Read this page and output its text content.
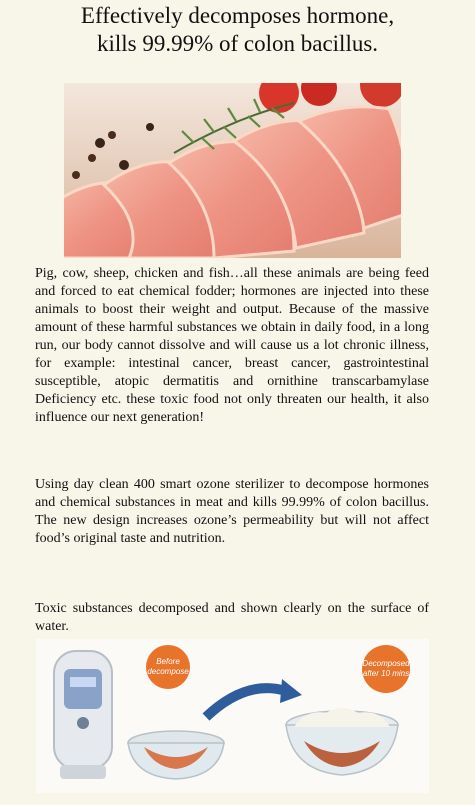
Effectively decomposes hormone,
kills 99.99% of colon bacillus.

Pig, cow, sheep, chicken and fish…all these animals are being feed and forced to eat chemical fodder; hormones are injected into these animals to boost their weight and output. Because of the massive amount of these harmful substances we obtain in daily food, in a long run, our body cannot dissolve and will cause us a lot chronic illness, for example: intestinal cancer, breast cancer, gastrointestinal susceptible, atopic dermatitis and ornithine transcarbamylase Deficiency etc. these toxic food not only threaten our health, it also influence our next generation!

Using day clean 400 smart ozone sterilizer to decompose hormones and chemical substances in meat and kills 99.99% of colon bacillus. The new design increases ozone’s permeability but will not affect food’s original taste and nutrition.

Toxic substances decomposed and shown clearly on the surface of water.

Before
decompose
Decomposed
after 10 mins
